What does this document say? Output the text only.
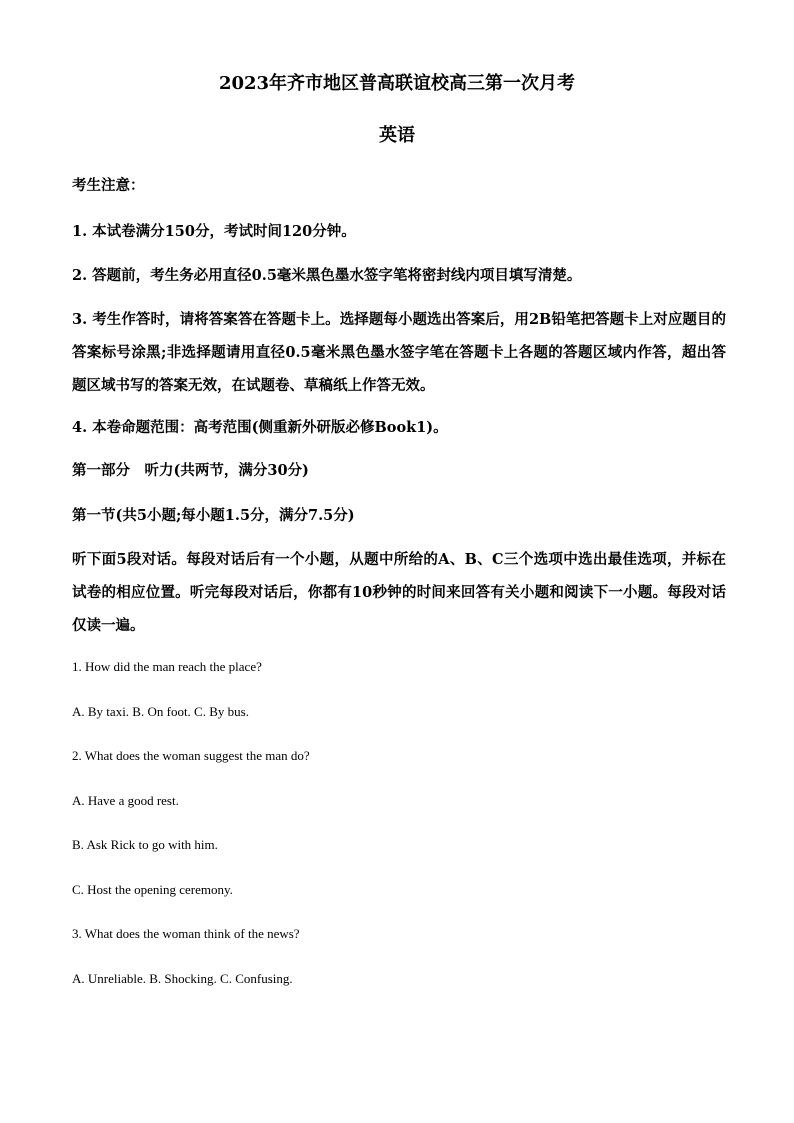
2023年齐市地区普高联谊校高三第一次月考
英语
考生注意：
1. 本试卷满分150分，考试时间120分钟。
2. 答题前，考生务必用直径0.5毫米黑色墨水签字笔将密封线内项目填写清楚。
3. 考生作答时，请将答案答在答题卡上。选择题每小题选出答案后，用2B铅笔把答题卡上对应题目的答案标号涂黑;非选择题请用直径0.5毫米黑色墨水签字笔在答题卡上各题的答题区域内作答，超出答题区域书写的答案无效，在试题卷、草稿纸上作答无效。
4. 本卷命题范围：高考范围(侧重新外研版必修Book1)。
第一部分　听力(共两节，满分30分)
第一节(共5小题;每小题1.5分，满分7.5分)
听下面5段对话。每段对话后有一个小题，从题中所给的A、B、C三个选项中选出最佳选项，并标在试卷的相应位置。听完每段对话后，你都有10秒钟的时间来回答有关小题和阅读下一小题。每段对话仅读一遍。
1. How did the man reach the place?
A. By taxi. B. On foot. C. By bus.
2. What does the woman suggest the man do?
A. Have a good rest.
B. Ask Rick to go with him.
C. Host the opening ceremony.
3. What does the woman think of the news?
A. Unreliable. B. Shocking. C. Confusing.
